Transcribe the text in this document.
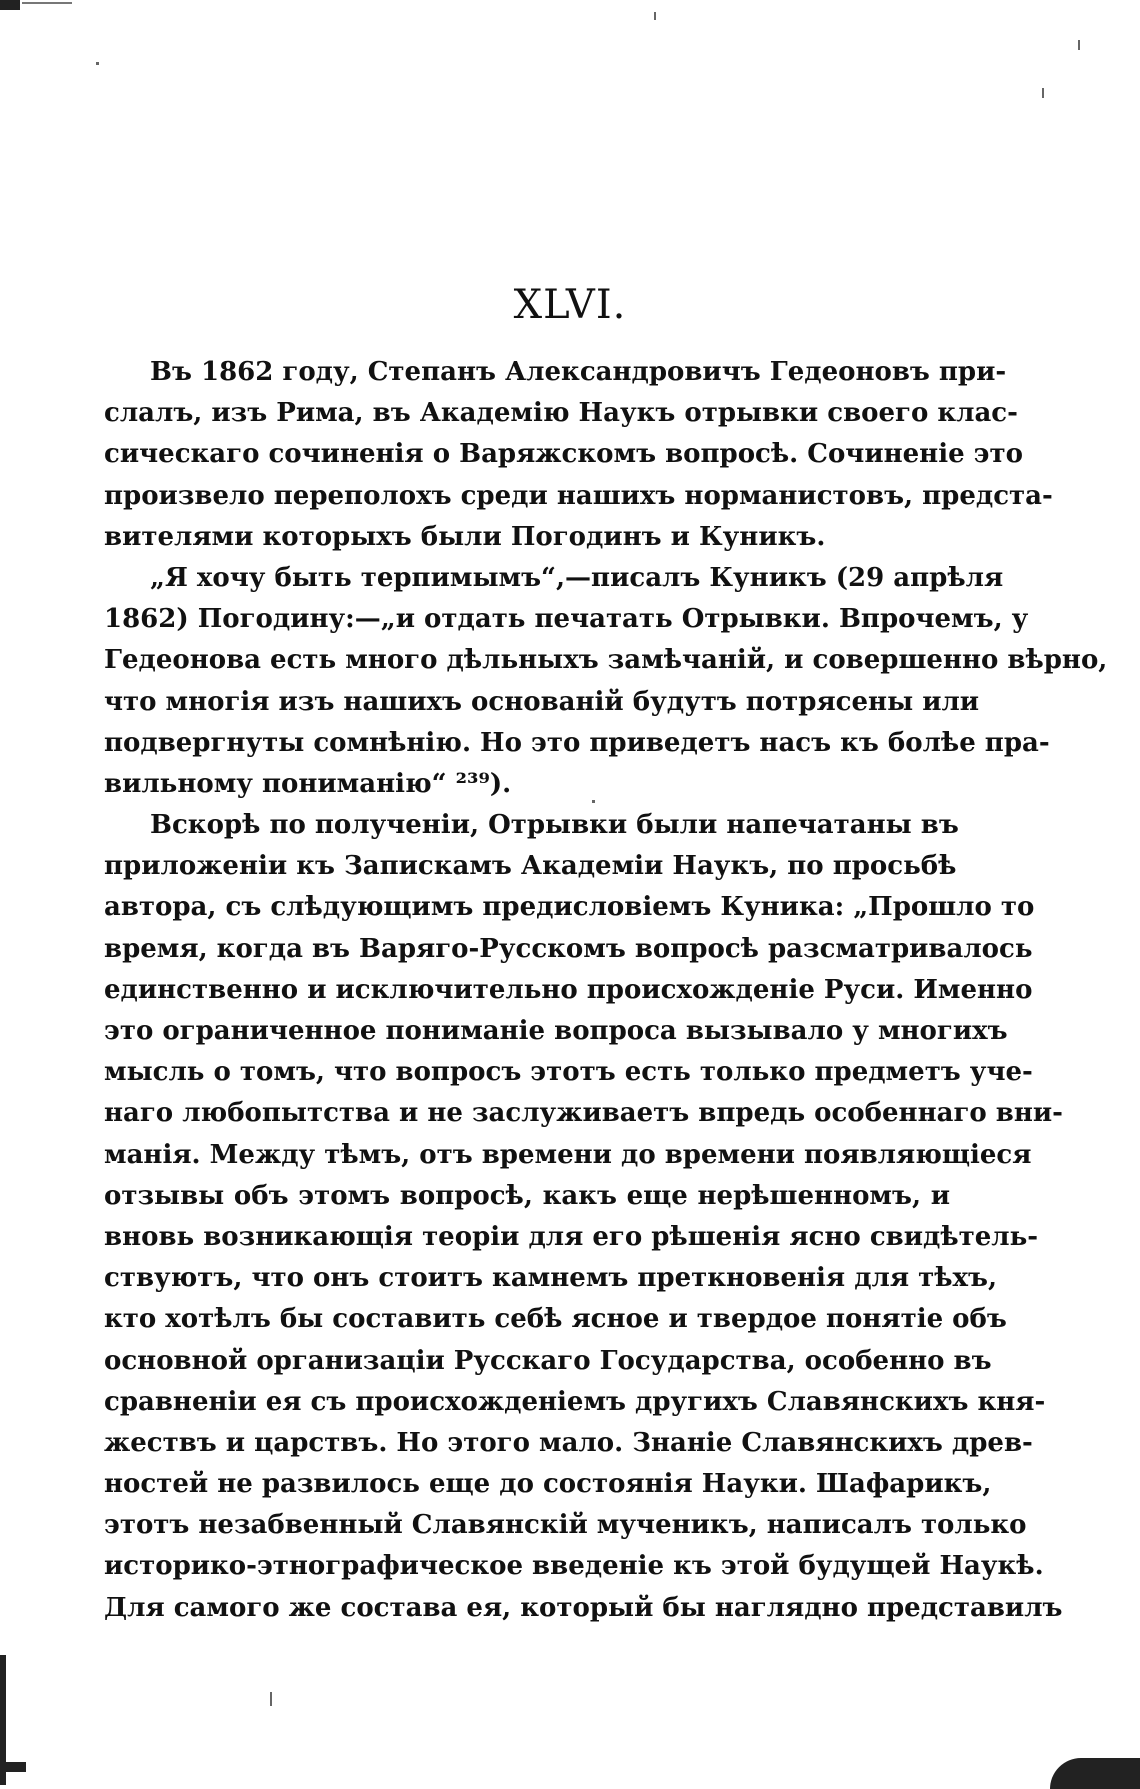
XLVI.
Въ 1862 году, Степанъ Александровичъ Гедеоновъ при-
слалъ, изъ Рима, въ Академію Наукъ отрывки своего клас-
сическаго сочиненія о Варяжскомъ вопросѣ. Сочиненіе это
произвело переполохъ среди нашихъ норманистовъ, предста-
вителями которыхъ были Погодинъ и Куникъ.
„Я хочу быть терпимымъ“,—писалъ Куникъ (29 апрѣля
1862) Погодину:—„и отдать печатать Отрывки. Впрочемъ, у
Гедеонова есть много дѣльныхъ замѣчаній, и совершенно вѣрно,
что многія изъ нашихъ основаній будутъ потрясены или
подвергнуты сомнѣнію. Но это приведетъ насъ къ болѣе пра-
вильному пониманію“ ²³⁹).
Вскорѣ по полученіи, Отрывки были напечатаны въ
приложеніи къ Запискамъ Академіи Наукъ, по просьбѣ
автора, съ слѣдующимъ предисловіемъ Куника: „Прошло то
время, когда въ Варяго-Русскомъ вопросѣ разсматривалось
единственно и исключительно происхожденіе Руси. Именно
это ограниченное пониманіе вопроса вызывало у многихъ
мысль о томъ, что вопросъ этотъ есть только предметъ уче-
наго любопытства и не заслуживаетъ впредь особеннаго вни-
манія. Между тѣмъ, отъ времени до времени появляющіеся
отзывы объ этомъ вопросѣ, какъ еще нерѣшенномъ, и
вновь возникающія теоріи для его рѣшенія ясно свидѣтель-
ствуютъ, что онъ стоитъ камнемъ преткновенія для тѣхъ,
кто хотѣлъ бы составить себѣ ясное и твердое понятіе объ
основной организаціи Русскаго Государства, особенно въ
сравненіи ея съ происхожденіемъ другихъ Славянскихъ кня-
жествъ и царствъ. Но этого мало. Знаніе Славянскихъ древ-
ностей не развилось еще до состоянія Науки. Шафарикъ,
этотъ незабвенный Славянскій мученикъ, написалъ только
историко-этнографическое введеніе къ этой будущей Наукѣ.
Для самого же состава ея, который бы наглядно представилъ
